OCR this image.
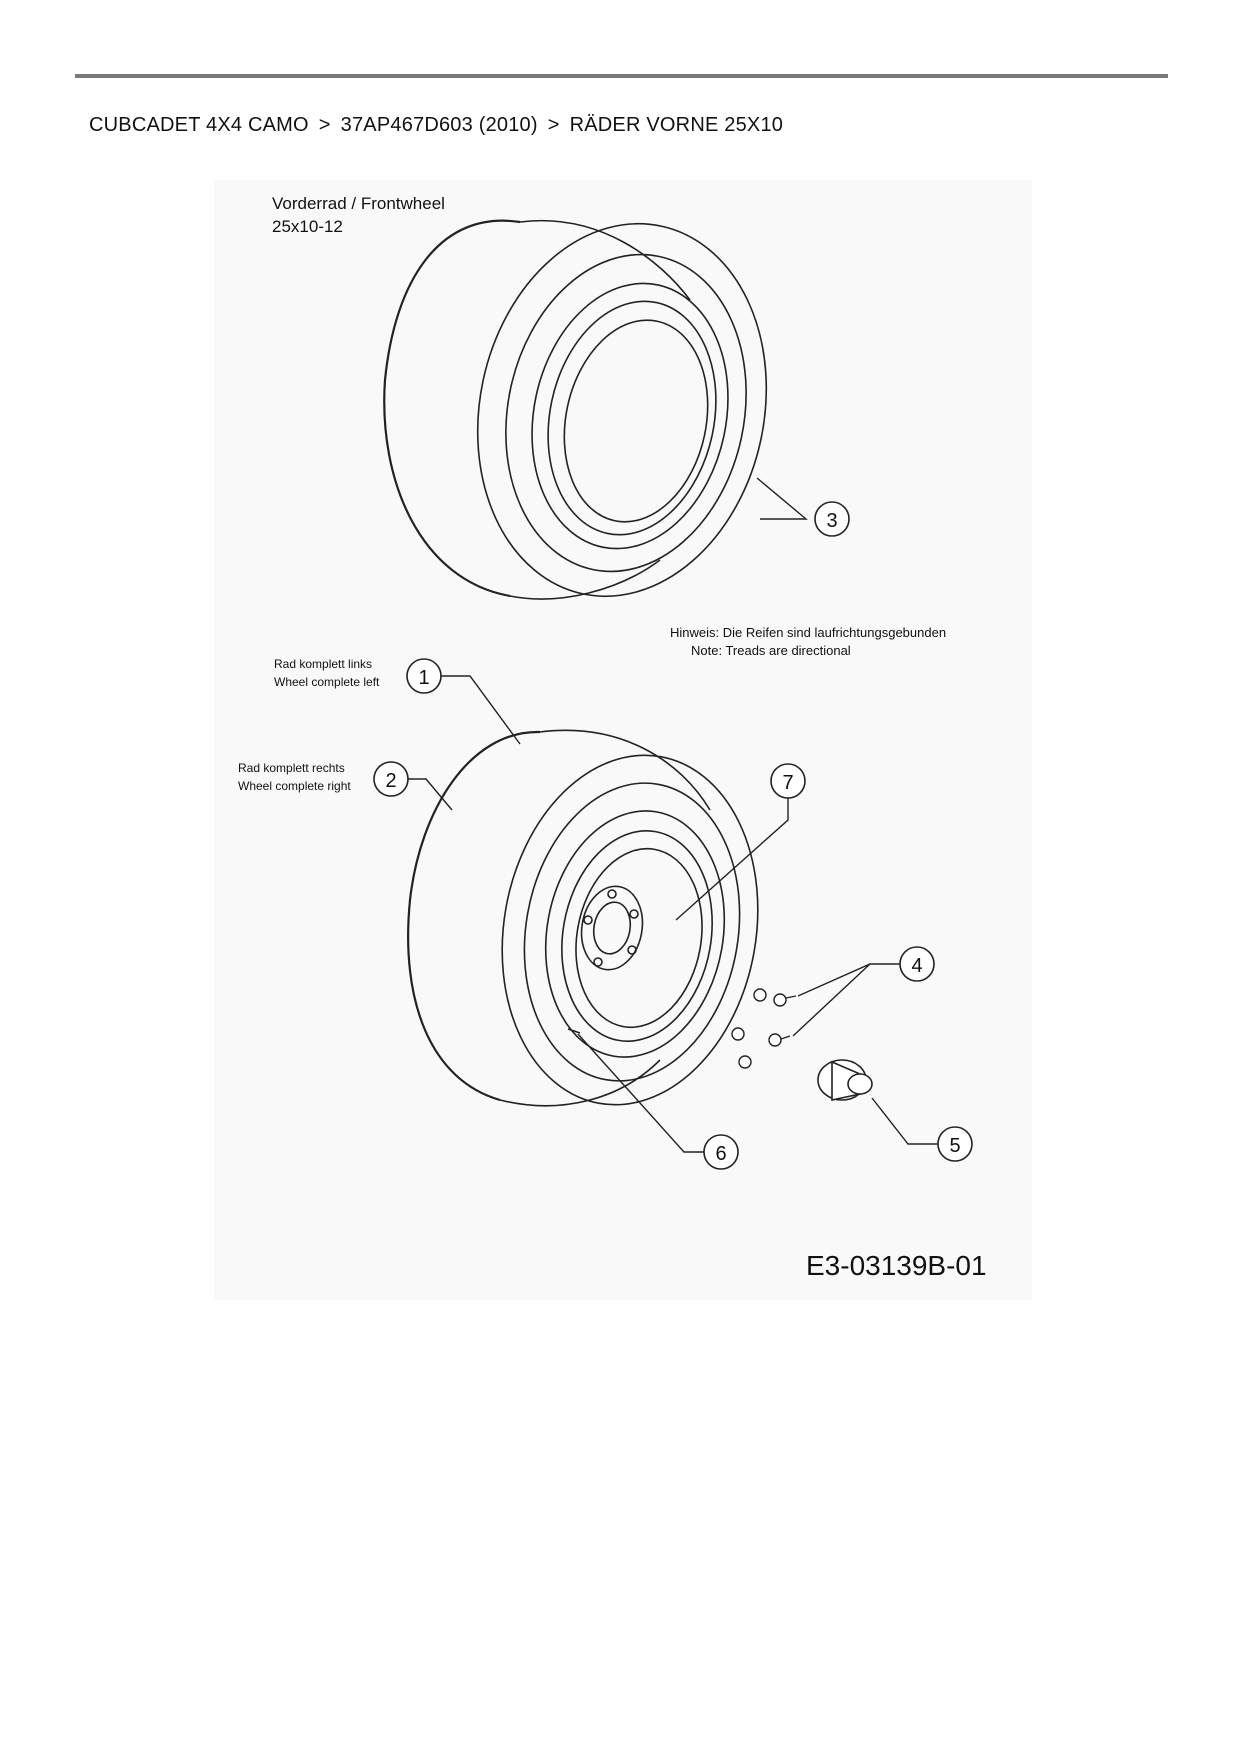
CUBCADET 4X4 CAMO > 37AP467D603 (2010) > RÄDER VORNE 25X10
Vorderrad / Frontwheel
25x10-12
3
Hinweis: Die Reifen sind laufrichtungsgebunden
Note: Treads are directional
Rad komplett links
Wheel complete left
Rad komplett rechts
Wheel complete right
1
2	7
4
5
6
E3-03139B-01
